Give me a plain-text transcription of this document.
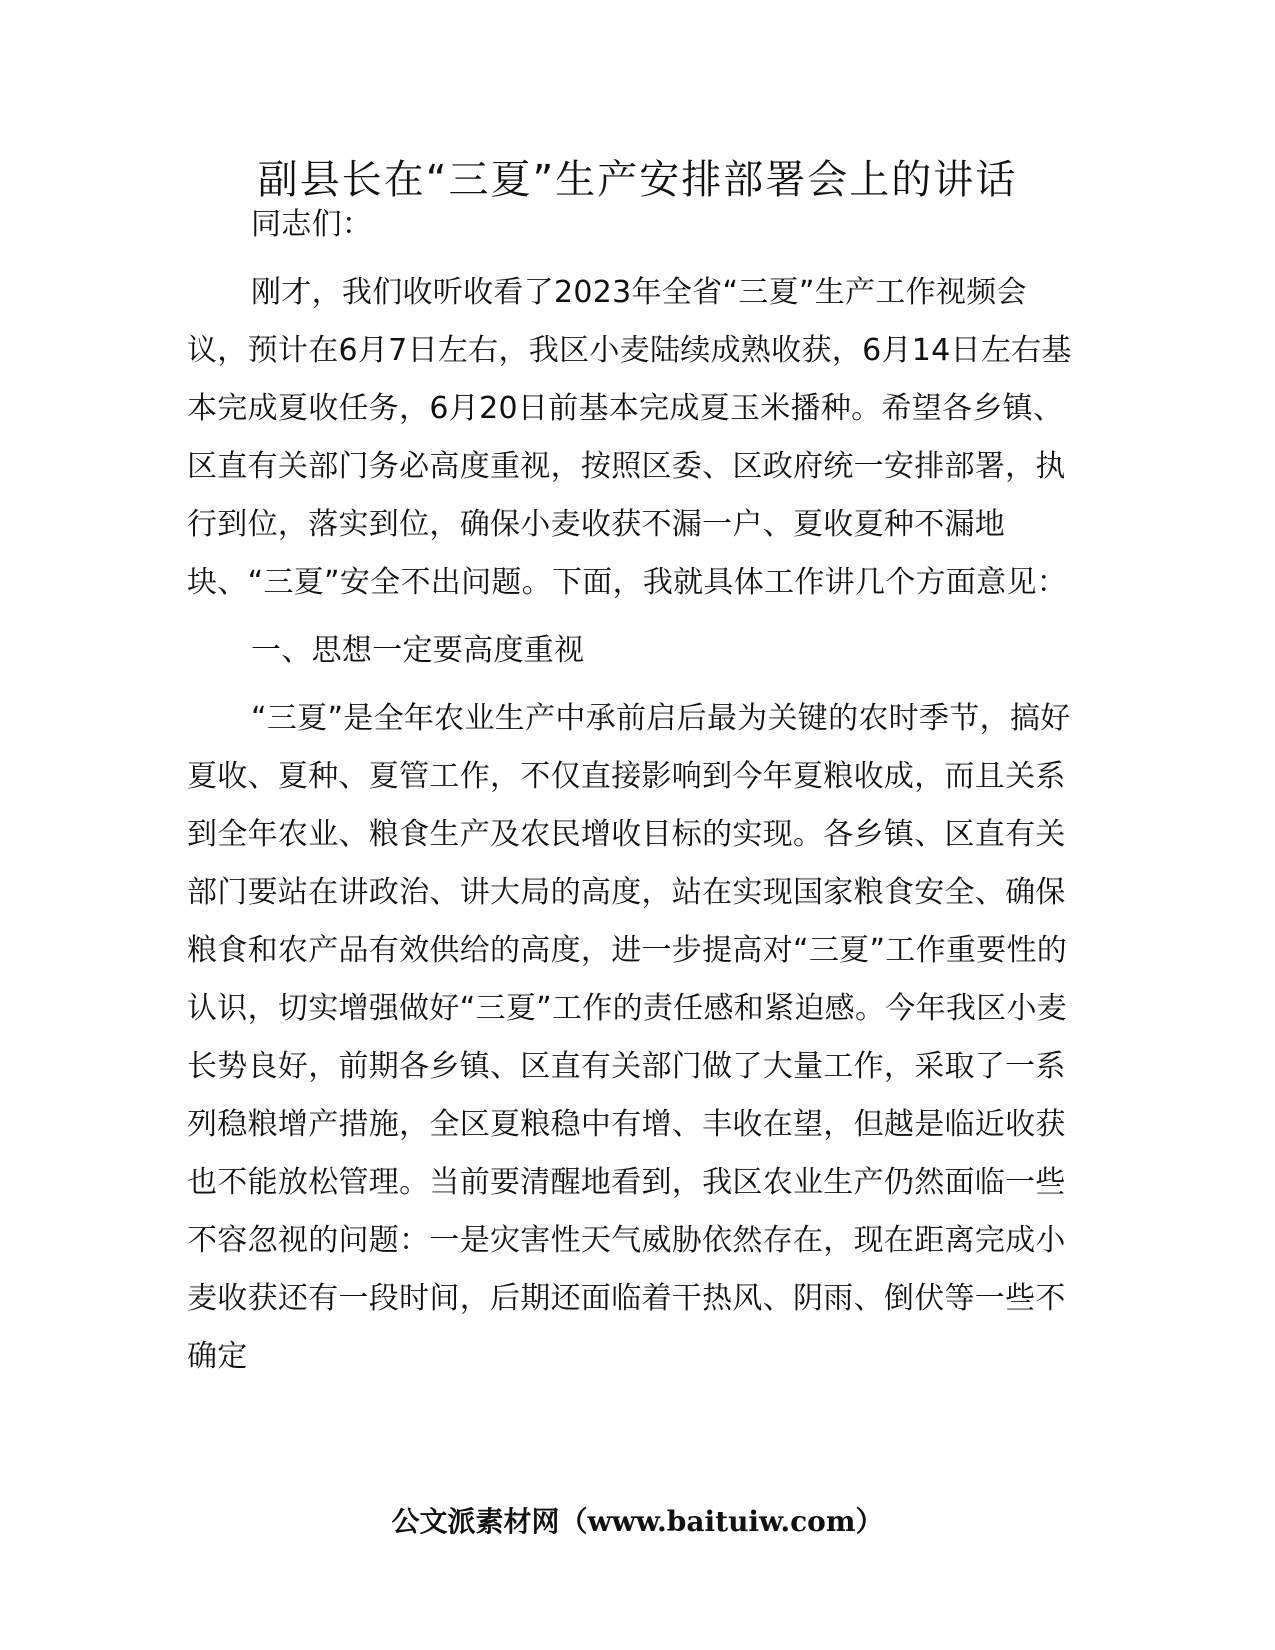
副县长在“三夏”生产安排部署会上的讲话

同志们：

刚才，我们收听收看了2023年全省“三夏”生产工作视频会议，预计在6月7日左右，我区小麦陆续成熟收获，6月14日左右基本完成夏收任务，6月20日前基本完成夏玉米播种。希望各乡镇、区直有关部门务必高度重视，按照区委、区政府统一安排部署，执行到位，落实到位，确保小麦收获不漏一户、夏收夏种不漏地块、“三夏”安全不出问题。下面，我就具体工作讲几个方面意见：

一、思想一定要高度重视

“三夏”是全年农业生产中承前启后最为关键的农时季节，搞好夏收、夏种、夏管工作，不仅直接影响到今年夏粮收成，而且关系到全年农业、粮食生产及农民增收目标的实现。各乡镇、区直有关部门要站在讲政治、讲大局的高度，站在实现国家粮食安全、确保粮食和农产品有效供给的高度，进一步提高对“三夏”工作重要性的认识，切实增强做好“三夏”工作的责任感和紧迫感。今年我区小麦长势良好，前期各乡镇、区直有关部门做了大量工作，采取了一系列稳粮增产措施，全区夏粮稳中有增、丰收在望，但越是临近收获也不能放松管理。当前要清醒地看到，我区农业生产仍然面临一些不容忽视的问题：一是灾害性天气威胁依然存在，现在距离完成小麦收获还有一段时间，后期还面临着干热风、阴雨、倒伏等一些不确定

公文派素材网（www.baituiw.com）
